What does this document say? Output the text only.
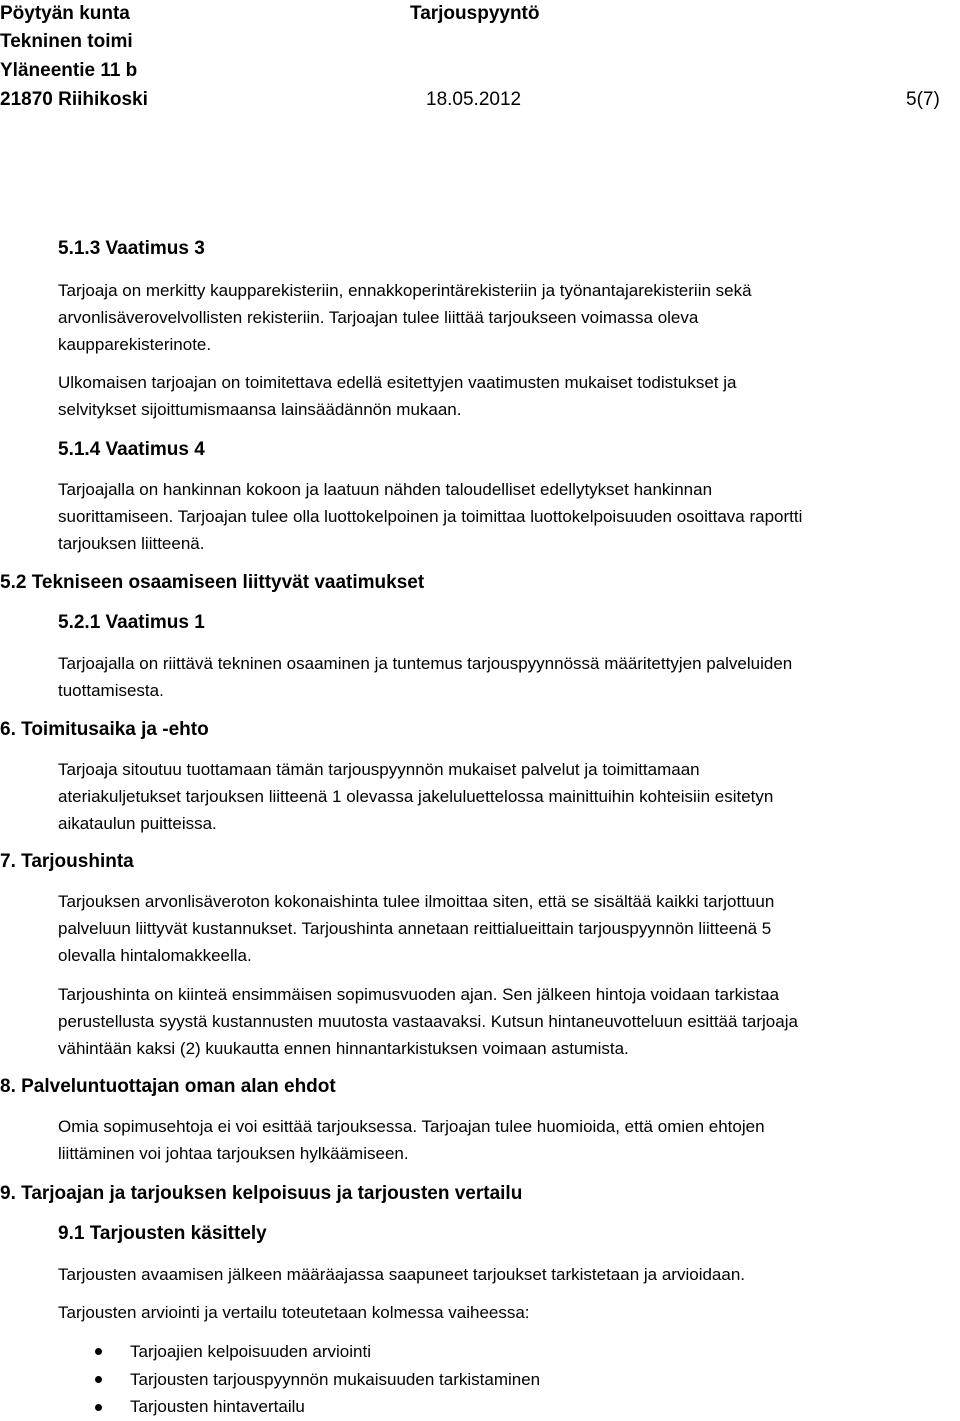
Pöytyän kunta
Tekninen toimi
Yläneentie 11 b
21870 Riihikoski
Tarjouspyyntö
18.05.2012	5(7)
5.1.3 Vaatimus 3
Tarjoaja on merkitty kaupparekisteriin, ennakkoperintärekisteriin ja työnantajarekisteriin sekä
arvonlisäverovelvollisten rekisteriin. Tarjoajan tulee liittää tarjoukseen voimassa oleva
kaupparekisterinote.
Ulkomaisen tarjoajan on toimitettava edellä esitettyjen vaatimusten mukaiset todistukset ja
selvitykset sijoittumismaansa lainsäädännön mukaan.
5.1.4 Vaatimus 4
Tarjoajalla on hankinnan kokoon ja laatuun nähden taloudelliset edellytykset hankinnan
suorittamiseen. Tarjoajan tulee olla luottokelpoinen ja toimittaa luottokelpoisuuden osoittava raportti
tarjouksen liitteenä.
5.2 Tekniseen osaamiseen liittyvät vaatimukset
5.2.1 Vaatimus 1
Tarjoajalla on riittävä tekninen osaaminen ja tuntemus tarjouspyynnössä määritettyjen palveluiden
tuottamisesta.
6. Toimitusaika ja -ehto
Tarjoaja sitoutuu tuottamaan tämän tarjouspyynnön mukaiset palvelut ja toimittamaan
ateriakuljetukset tarjouksen liitteenä 1 olevassa jakeluluettelossa mainittuihin kohteisiin esitetyn
aikataulun puitteissa.
7. Tarjoushinta
Tarjouksen arvonlisäveroton kokonaishinta tulee ilmoittaa siten, että se sisältää kaikki tarjottuun
palveluun liittyvät kustannukset. Tarjoushinta annetaan reittialueittain tarjouspyynnön liitteenä 5
olevalla hintalomakkeella.
Tarjoushinta on kiinteä ensimmäisen sopimusvuoden ajan. Sen jälkeen hintoja voidaan tarkistaa
perustellusta syystä kustannusten muutosta vastaavaksi. Kutsun hintaneuvotteluun esittää tarjoaja
vähintään kaksi (2) kuukautta ennen hinnantarkistuksen voimaan astumista.
8. Palveluntuottajan oman alan ehdot
Omia sopimusehtoja ei voi esittää tarjouksessa. Tarjoajan tulee huomioida, että omien ehtojen
liittäminen voi johtaa tarjouksen hylkäämiseen.
9. Tarjoajan ja tarjouksen kelpoisuus ja tarjousten vertailu
9.1 Tarjousten käsittely
Tarjousten avaamisen jälkeen määräajassa saapuneet tarjoukset tarkistetaan ja arvioidaan.
Tarjousten arviointi ja vertailu toteutetaan kolmessa vaiheessa:
Tarjoajien kelpoisuuden arviointi
Tarjousten tarjouspyynnön mukaisuuden tarkistaminen
Tarjousten hintavertailu
